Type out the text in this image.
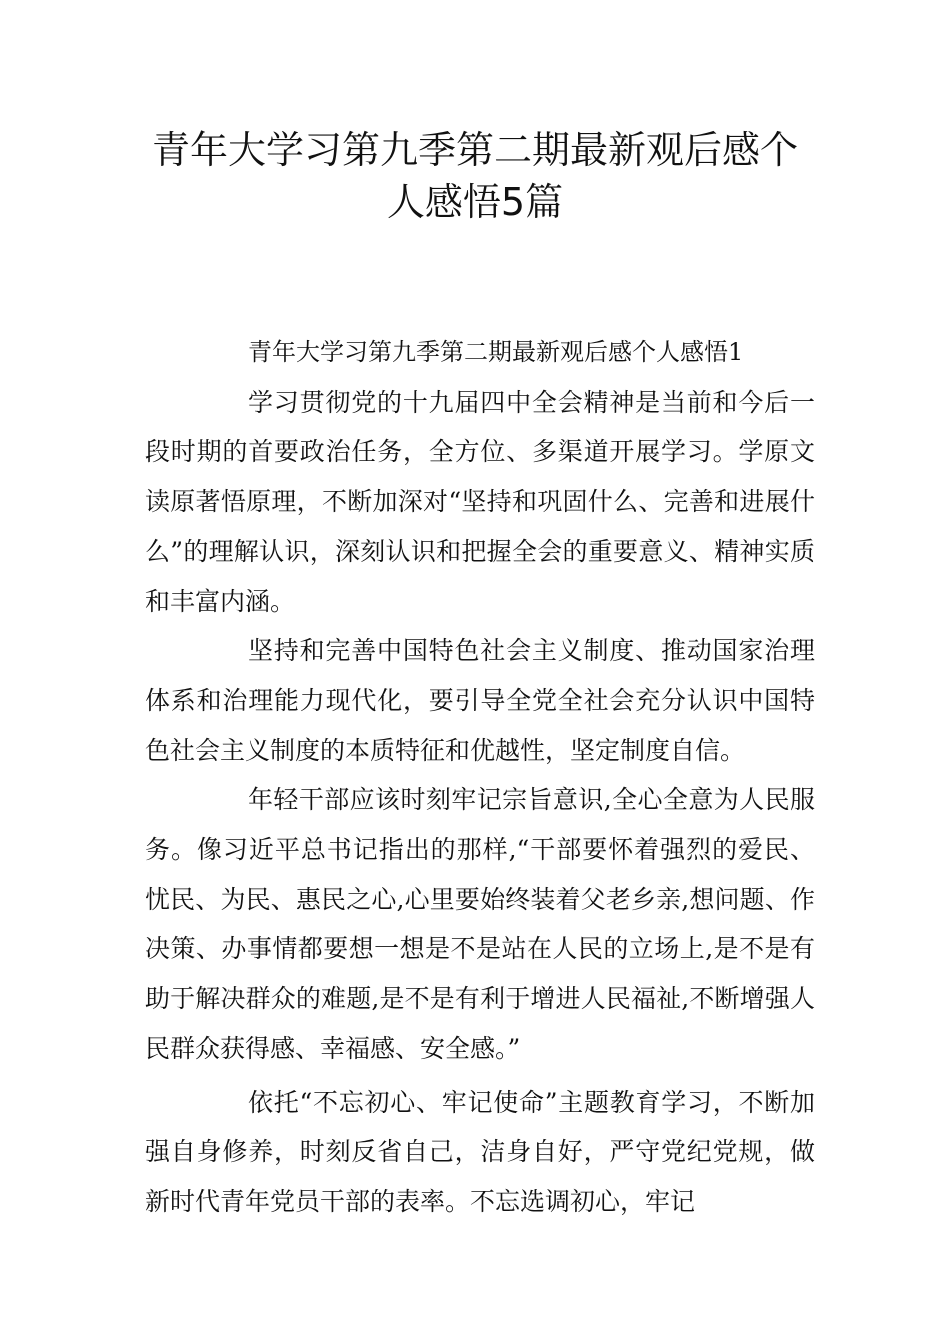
青年大学习第九季第二期最新观后感个
人感悟5篇

青年大学习第九季第二期最新观后感个人感悟1

学习贯彻党的十九届四中全会精神是当前和今后一段时期的首要政治任务，全方位、多渠道开展学习。学原文读原著悟原理，不断加深对“坚持和巩固什么、完善和进展什么”的理解认识，深刻认识和把握全会的重要意义、精神实质和丰富内涵。

坚持和完善中国特色社会主义制度、推动国家治理体系和治理能力现代化，要引导全党全社会充分认识中国特色社会主义制度的本质特征和优越性，坚定制度自信。

年轻干部应该时刻牢记宗旨意识,全心全意为人民服务。像习近平总书记指出的那样,“干部要怀着强烈的爱民、忧民、为民、惠民之心,心里要始终装着父老乡亲,想问题、作决策、办事情都要想一想是不是站在人民的立场上,是不是有助于解决群众的难题,是不是有利于增进人民福祉,不断增强人民群众获得感、幸福感、安全感。”

依托“不忘初心、牢记使命”主题教育学习，不断加强自身修养，时刻反省自己，洁身自好，严守党纪党规，做新时代青年党员干部的表率。不忘选调初心，牢记
